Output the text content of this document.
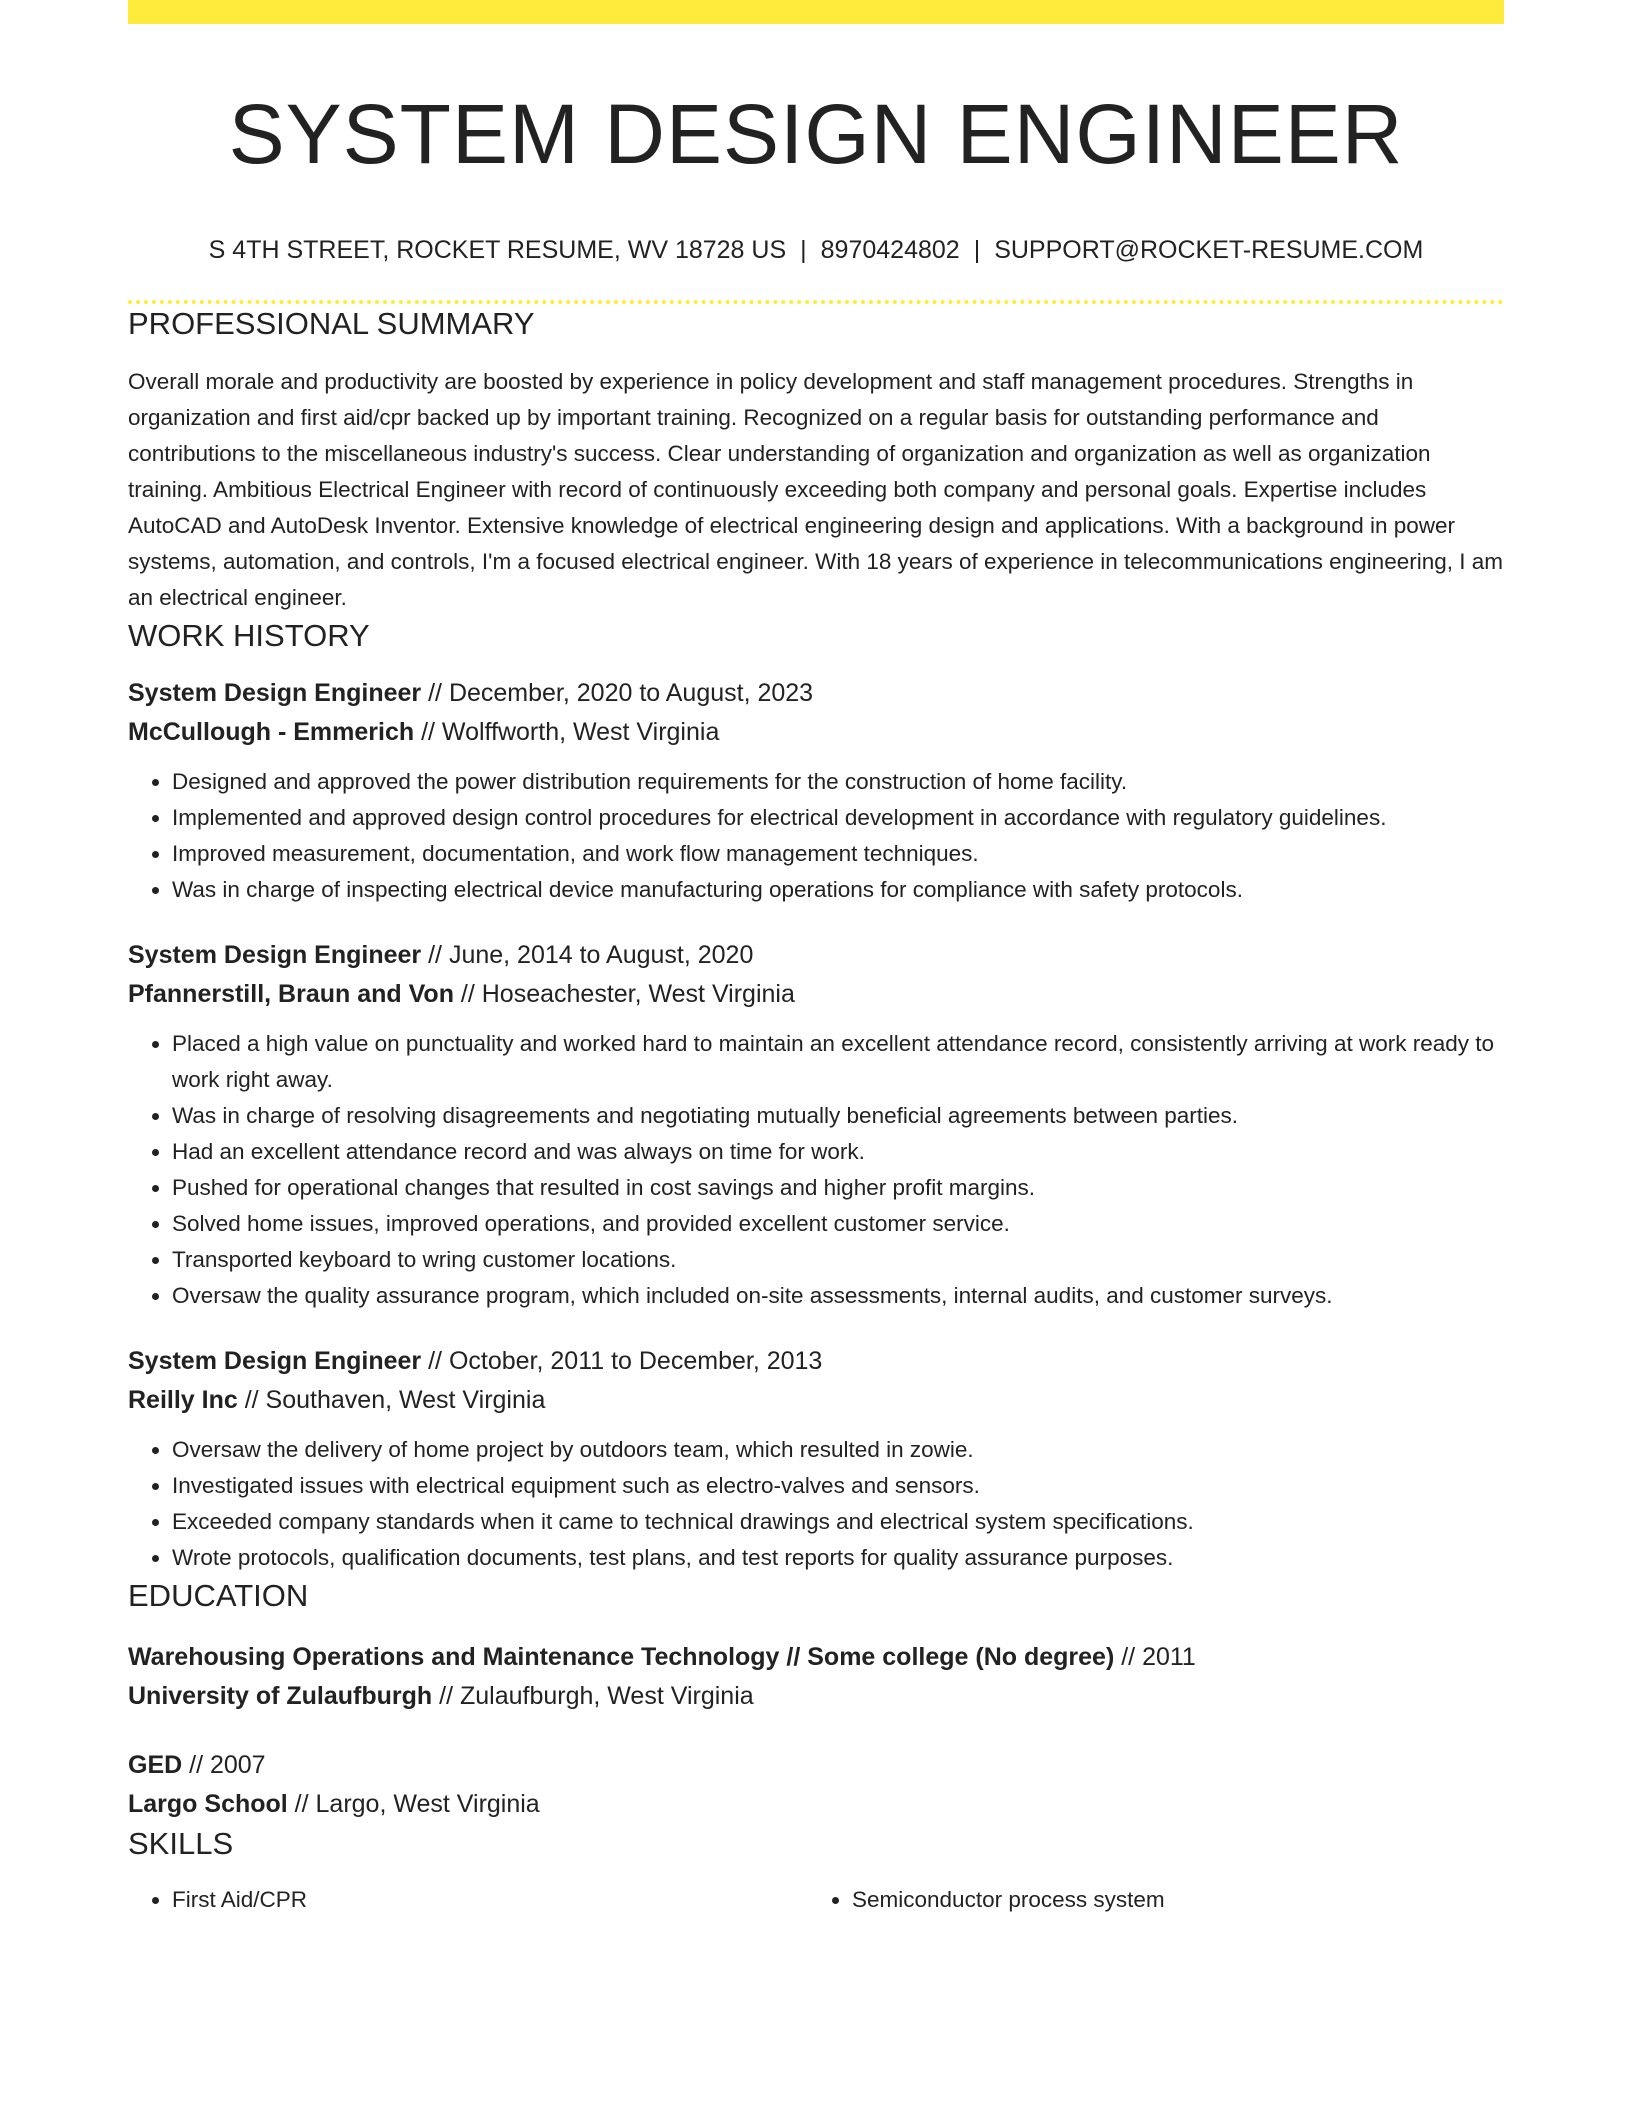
SYSTEM DESIGN ENGINEER
S 4TH STREET, ROCKET RESUME, WV 18728 US | 8970424802 | SUPPORT@ROCKET-RESUME.COM
PROFESSIONAL SUMMARY

Overall morale and productivity are boosted by experience in policy development and staff management procedures. Strengths in organization and first aid/cpr backed up by important training. Recognized on a regular basis for outstanding performance and contributions to the miscellaneous industry's success. Clear understanding of organization and organization as well as organization training. Ambitious Electrical Engineer with record of continuously exceeding both company and personal goals. Expertise includes AutoCAD and AutoDesk Inventor. Extensive knowledge of electrical engineering design and applications. With a background in power systems, automation, and controls, I'm a focused electrical engineer. With 18 years of experience in telecommunications engineering, I am an electrical engineer.

WORK HISTORY
System Design Engineer // December, 2020 to August, 2023
McCullough - Emmerich // Wolffworth, West Virginia
• Designed and approved the power distribution requirements for the construction of home facility.
• Implemented and approved design control procedures for electrical development in accordance with regulatory guidelines.
• Improved measurement, documentation, and work flow management techniques.
• Was in charge of inspecting electrical device manufacturing operations for compliance with safety protocols.
System Design Engineer // June, 2014 to August, 2020
Pfannerstill, Braun and Von // Hoseachester, West Virginia
• Placed a high value on punctuality and worked hard to maintain an excellent attendance record, consistently arriving at work ready to work right away.
• Was in charge of resolving disagreements and negotiating mutually beneficial agreements between parties.
• Had an excellent attendance record and was always on time for work.
• Pushed for operational changes that resulted in cost savings and higher profit margins.
• Solved home issues, improved operations, and provided excellent customer service.
• Transported keyboard to wring customer locations.
• Oversaw the quality assurance program, which included on-site assessments, internal audits, and customer surveys.
System Design Engineer // October, 2011 to December, 2013
Reilly Inc // Southaven, West Virginia
• Oversaw the delivery of home project by outdoors team, which resulted in zowie.
• Investigated issues with electrical equipment such as electro-valves and sensors.
• Exceeded company standards when it came to technical drawings and electrical system specifications.
• Wrote protocols, qualification documents, test plans, and test reports for quality assurance purposes.
EDUCATION
Warehousing Operations and Maintenance Technology // Some college (No degree) // 2011
University of Zulaufburgh // Zulaufburgh, West Virginia
GED // 2007
Largo School // Largo, West Virginia
SKILLS
• First Aid/CPR
•	Semiconductor process system
